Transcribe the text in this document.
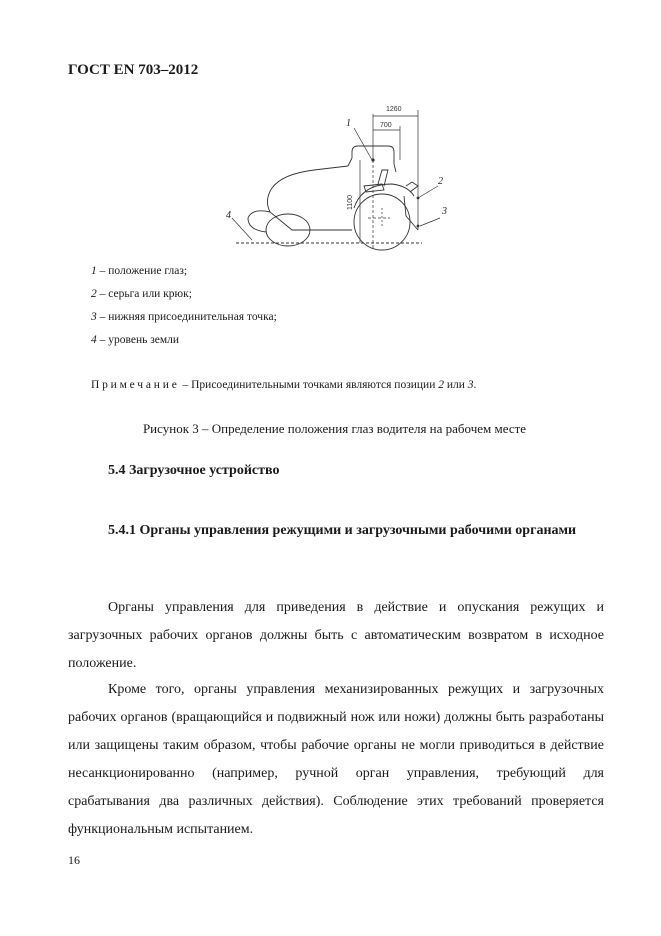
ГОСТ EN 703–2012
1260
700
1100
1
2
3
4
1 – положение глаз;
2 – серьга или крюк;
3 – нижняя присоединительная точка;
4 – уровень земли
Примечание – Присоединительными точками являются позиции 2 или 3.
Рисунок 3 – Определение положения глаз водителя на рабочем месте
5.4 Загрузочное устройство
5.4.1 Органы управления режущими и загрузочными рабочими органами
Органы управления для приведения в действие и опускания режущих и загрузочных рабочих органов должны быть с автоматическим возвратом в исходное положение.
Кроме того, органы управления механизированных режущих и загрузочных рабочих органов (вращающийся и подвижный нож или ножи) должны быть разработаны или защищены таким образом, чтобы рабочие органы не могли приводиться в действие несанкционированно (например, ручной орган управления, требующий для срабатывания два различных действия). Соблюдение этих требований проверяется функциональным испытанием.
16
